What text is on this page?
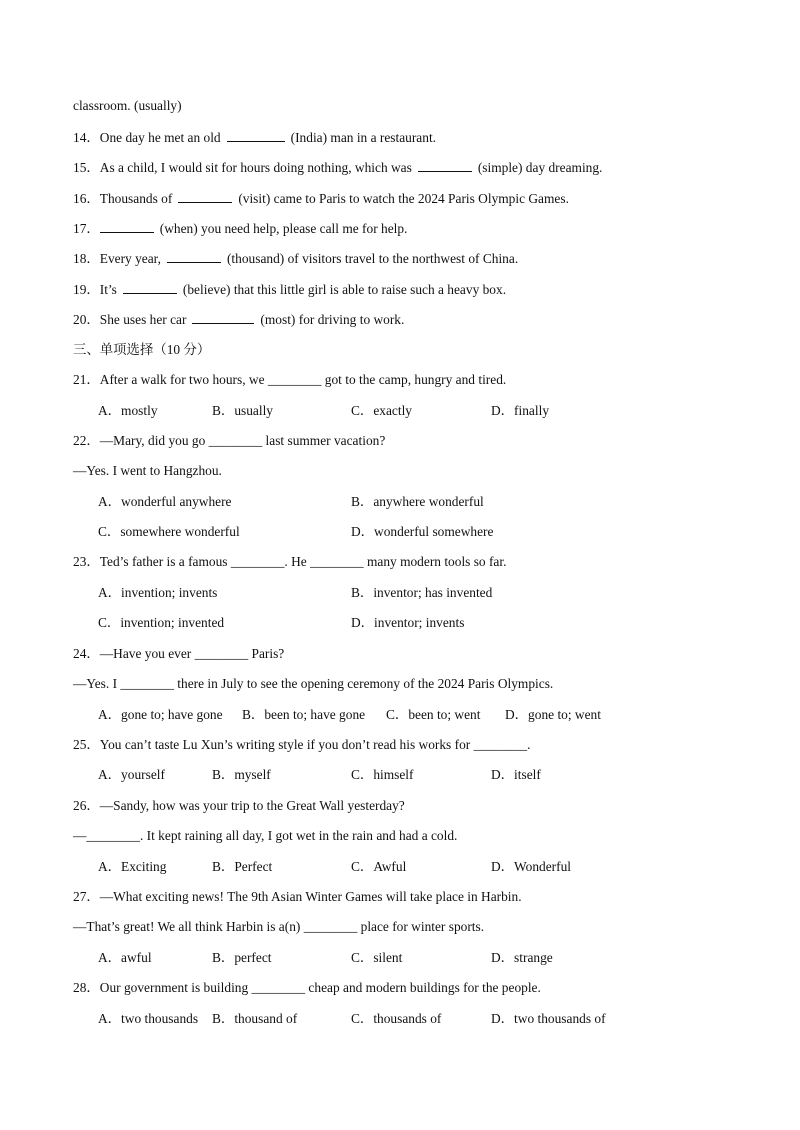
classroom. (usually)
14．One day he met an old	(India) man in a restaurant.
15．As a child, I would sit for hours doing nothing, which was	(simple) day dreaming.
16．Thousands of	(visit) came to Paris to watch the 2024 Paris Olympic Games.
17．	(when) you need help, please call me for help.
18．Every year,	(thousand) of visitors travel to the northwest of China.
19．It’s	(believe) that this little girl is able to raise such a heavy box.
20．She uses her car	(most) for driving to work.
三、单项选择（10 分）
21．After a walk for two hours, we ________ got to the camp, hungry and tired.
A．mostly	B．usually	C．exactly	D．finally
22．—Mary, did you go ________ last summer vacation?
—Yes. I went to Hangzhou.
A．wonderful anywhere	B．anywhere wonderful
C．somewhere wonderful	D．wonderful somewhere
23．Ted’s father is a famous ________. He ________ many modern tools so far.
A．invention; invents	B．inventor; has invented
C．invention; invented	D．inventor; invents
24．—Have you ever ________ Paris?
—Yes. I ________ there in July to see the opening ceremony of the 2024 Paris Olympics.
A．gone to; have gone B．been to; have gone C．been to; went D．gone to; went
25．You can’t taste Lu Xun’s writing style if you don’t read his works for ________.
A．yourself	B．myself	C．himself	D．itself
26．—Sandy, how was your trip to the Great Wall yesterday?
—________. It kept raining all day, I got wet in the rain and had a cold.
A．Exciting	B．Perfect	C．Awful	D．Wonderful
27．—What exciting news! The 9th Asian Winter Games will take place in Harbin.
—That’s great! We all think Harbin is a(n) ________ place for winter sports.
A．awful	B．perfect	C．silent	D．strange
28．Our government is building ________ cheap and modern buildings for the people.
A．two thousands B．thousand of	C．thousands of	D．two thousands of
